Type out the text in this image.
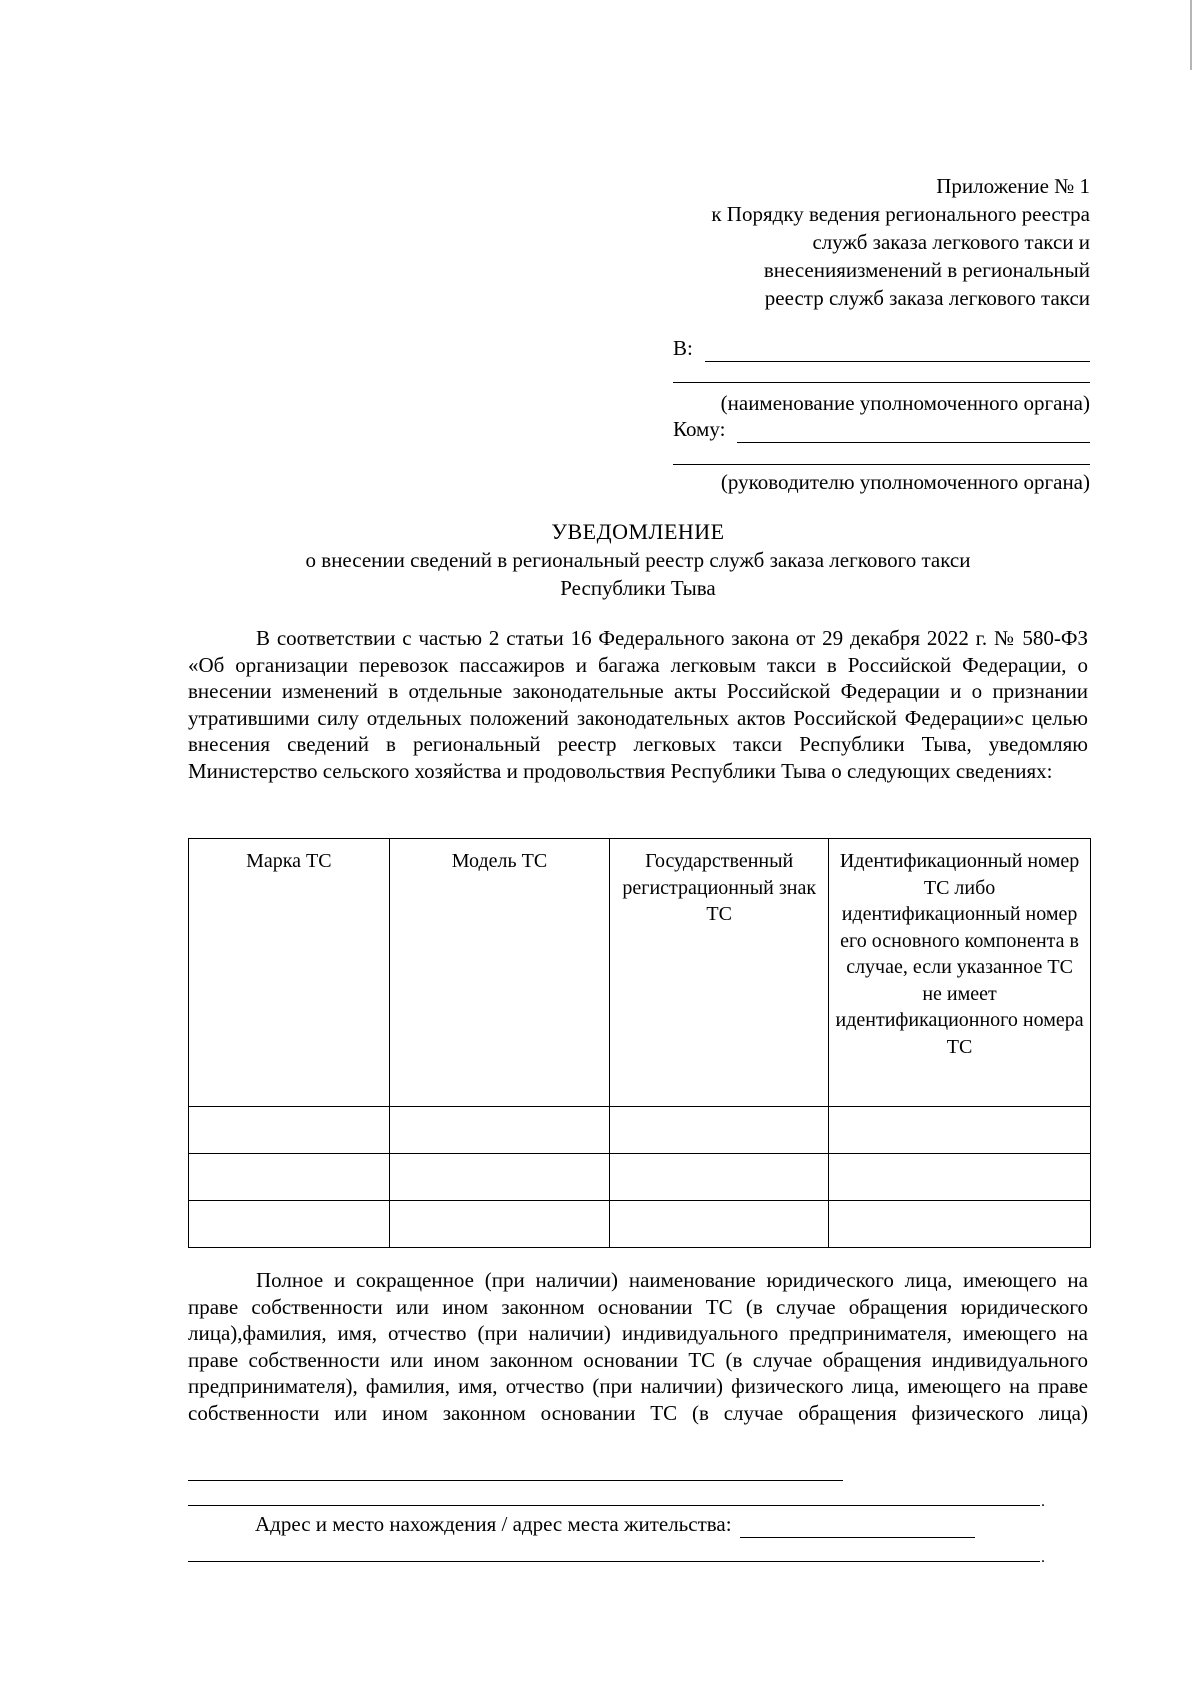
Приложение № 1
к Порядку ведения регионального реестра
служб заказа легкового такси и
внесенияизменений в региональный
реестр служб заказа легкового такси
В:
(наименование уполномоченного органа)
Кому:
(руководителю уполномоченного органа)
УВЕДОМЛЕНИЕ
о внесении сведений в региональный реестр служб заказа легкового такси
Республики Тыва
В соответствии с частью 2 статьи 16 Федерального закона от 29 декабря 2022 г. № 580-ФЗ «Об организации перевозок пассажиров и багажа легковым такси в Российской Федерации, о внесении изменений в отдельные законодательные акты Российской Федерации и о признании утратившими силу отдельных положений законодательных актов Российской Федерации»с целью внесения сведений в региональный реестр легковых такси Республики Тыва, уведомляю Министерство сельского хозяйства и продовольствия Республики Тыва о следующих сведениях:
Марка ТС	Модель ТС	Государственный регистрационный знак ТС	Идентификационный номер ТС либо идентификационный номер его основного компонента в случае, если указанное ТС не имеет идентификационного номера ТС

Полное и сокращенное (при наличии) наименование юридического лица, имеющего на праве собственности или ином законном основании ТС (в случае обращения юридического лица),фамилия, имя, отчество (при наличии) индивидуального предпринимателя, имеющего на праве собственности или ином законном основании ТС (в случае обращения индивидуального предпринимателя), фамилия, имя, отчество (при наличии) физического лица, имеющего на праве собственности или ином законном основании ТС (в случае обращения физического лица)
.
Адрес и место нахождения / адрес места жительства:
.
